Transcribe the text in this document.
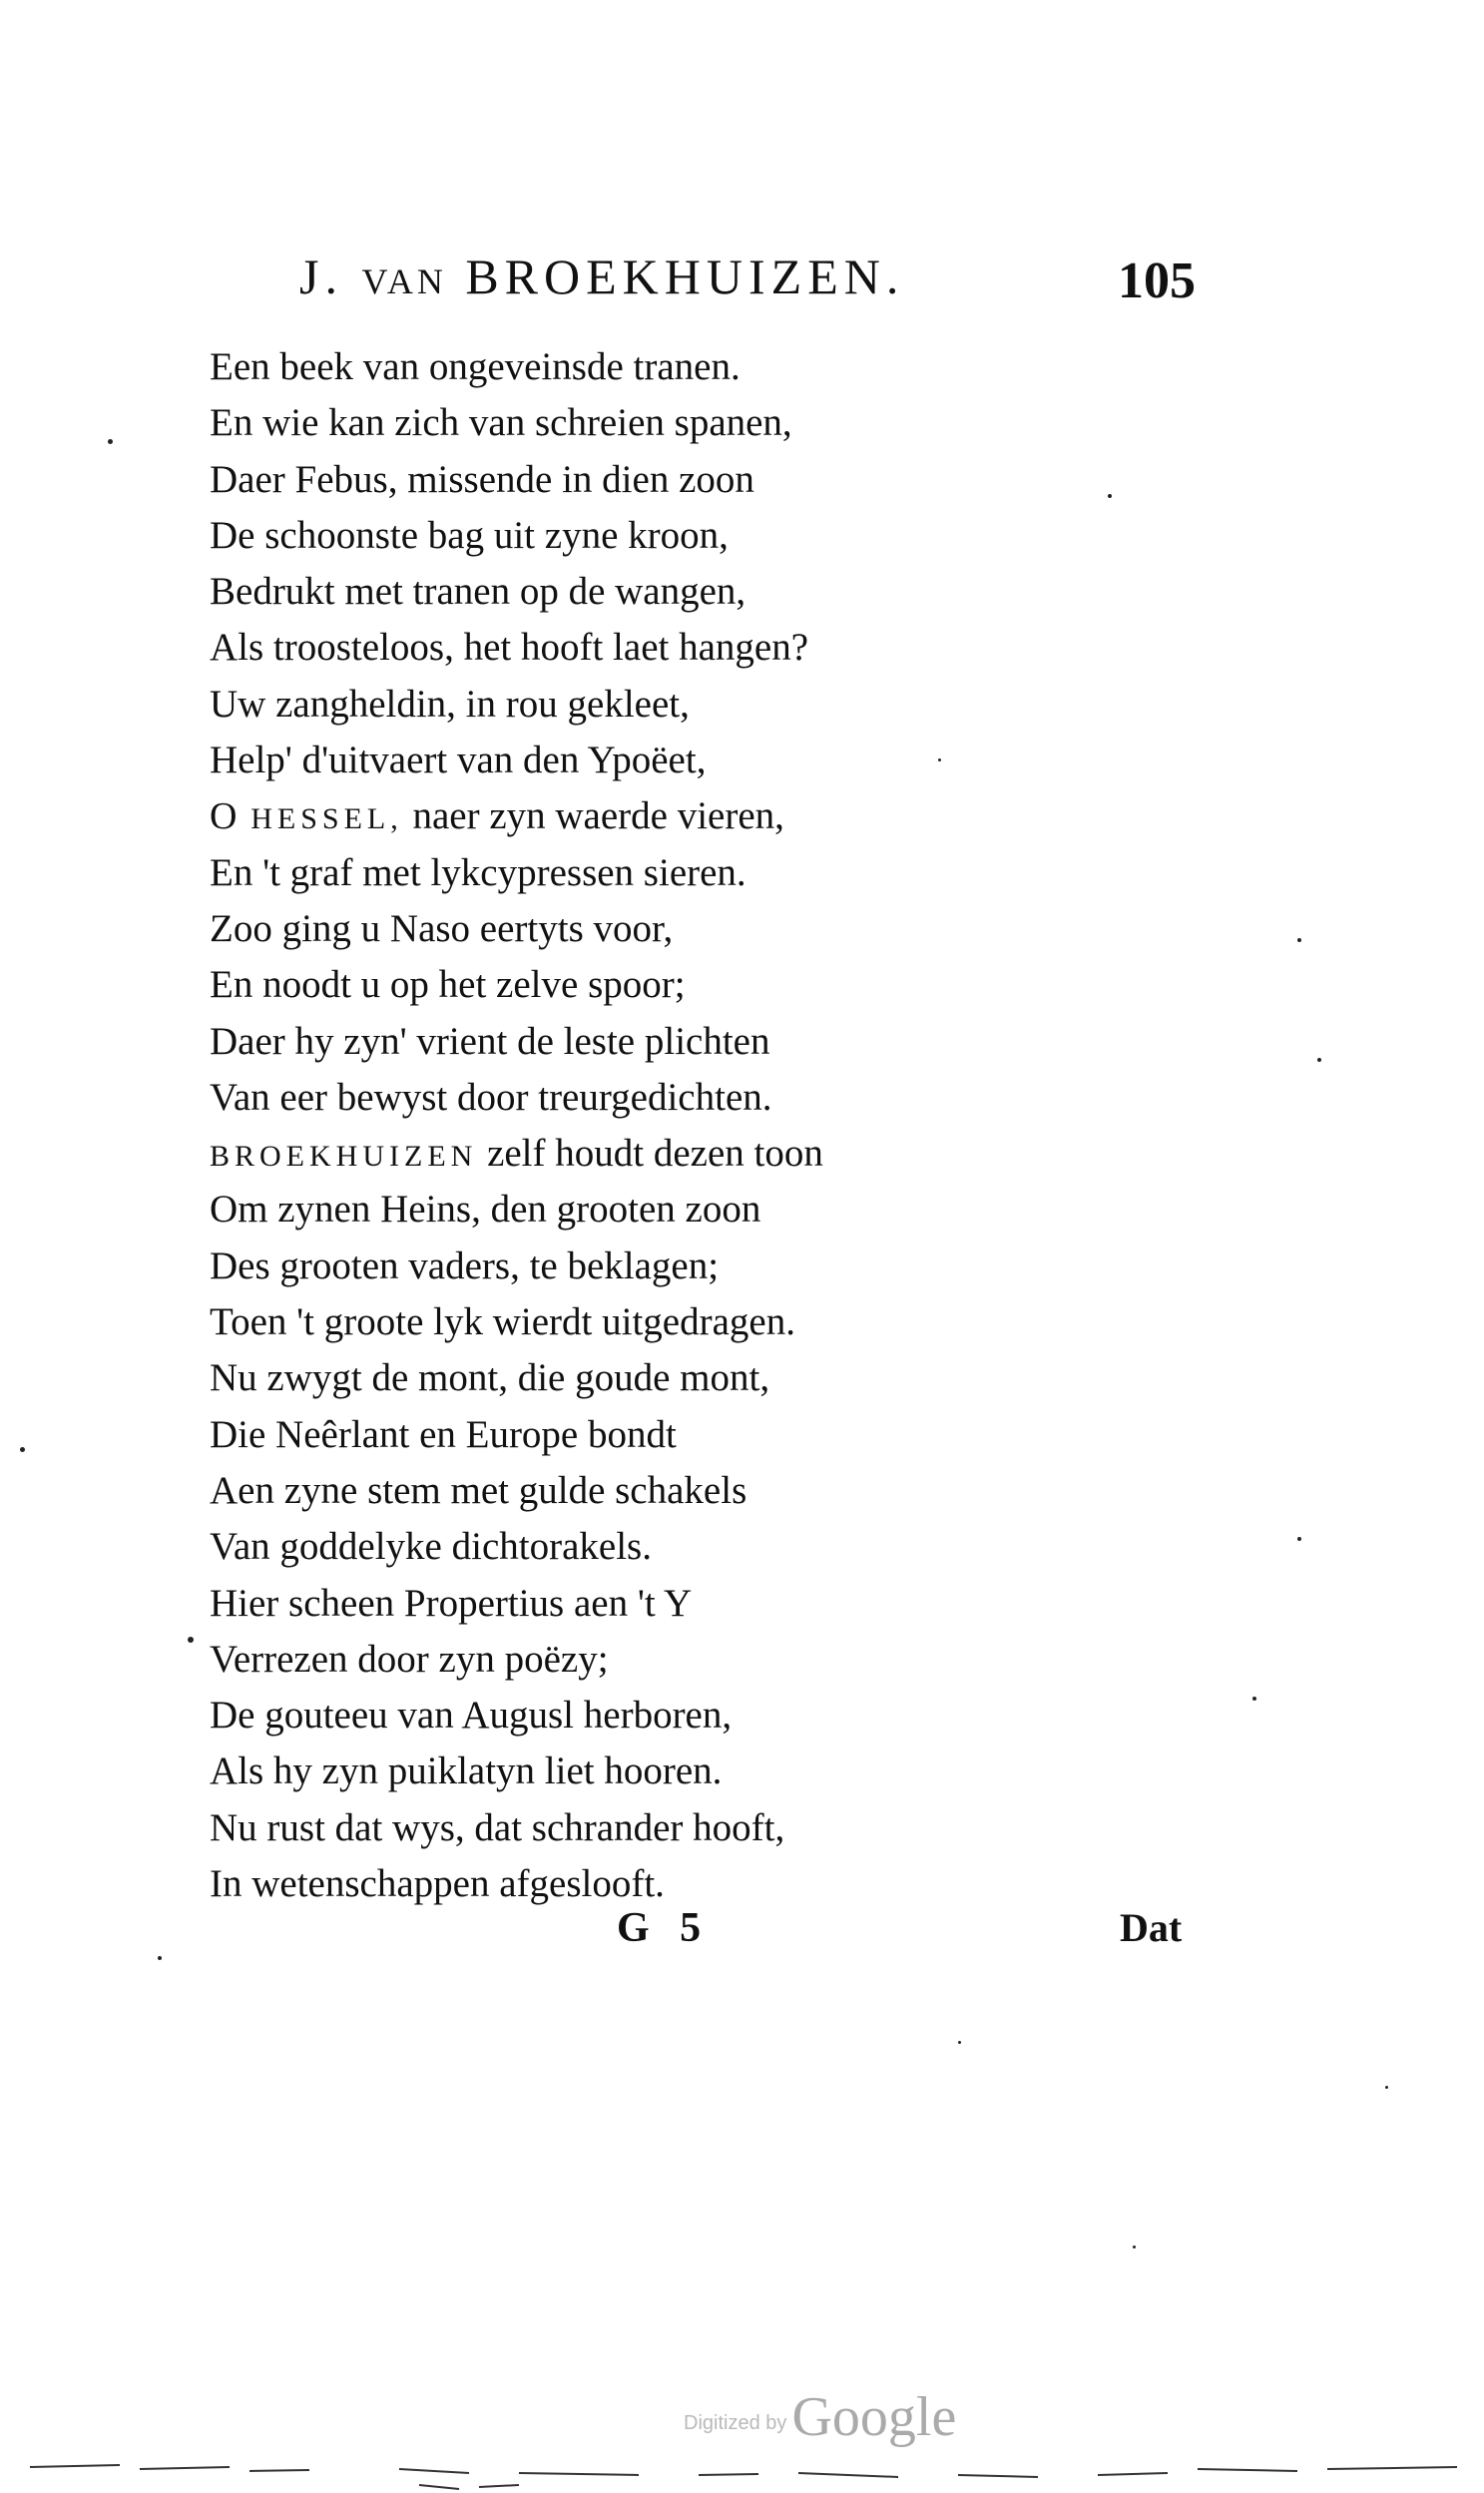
J. VAN BROEKHUIZEN.	105
Een beek van ongeveinsde tranen.
En wie kan zich van schreien spanen,
Daer Febus, missende in dien zoon
De schoonste bag uit zyne kroon,
Bedrukt met tranen op de wangen,
Als troosteloos, het hooft laet hangen?
Uw zangheldin, in rou gekleet,
Help' d'uitvaert van den Ypoëet,
O HESSEL, naer zyn waerde vieren,
En 't graf met lykcypressen sieren.
Zoo ging u Naso eertyts voor,
En noodt u op het zelve spoor;
Daer hy zyn' vrient de leste plichten
Van eer bewyst door treurgedichten.
BROEKHUIZEN zelf houdt dezen toon
Om zynen Heins, den grooten zoon
Des grooten vaders, te beklagen;
Toen 't groote lyk wierdt uitgedragen.
Nu zwygt de mont, die goude mont,
Die Neêrlant en Europe bondt
Aen zyne stem met gulde schakels
Van goddelyke dichtorakels.
Hier scheen Propertius aen 't Y
Verrezen door zyn poëzy;
De gouteeu van Augusl herboren,
Als hy zyn puiklatyn liet hooren.
Nu rust dat wys, dat schrander hooft,
In wetenschappen afgeslooft.
G 5	Dat
Digitized by Google
